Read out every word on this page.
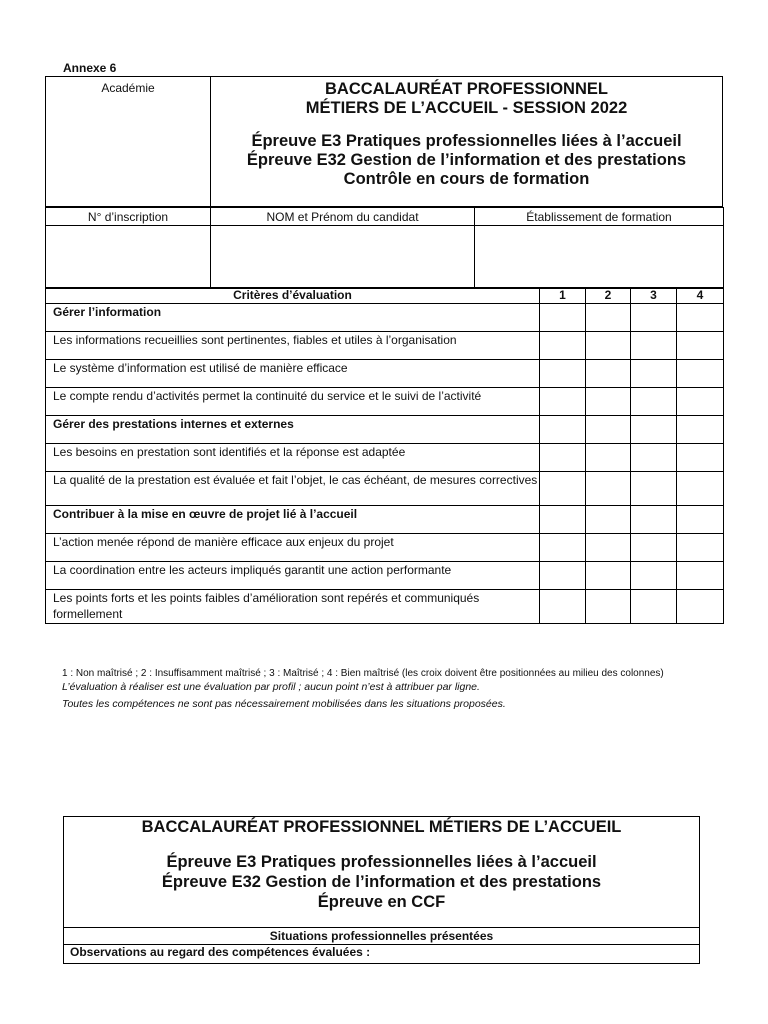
Annexe 6
Académie	BACCALAURÉAT PROFESSIONNEL
MÉTIERS DE L’ACCUEIL - SESSION 2022
Épreuve E3 Pratiques professionnelles liées à l’accueil
Épreuve E32 Gestion de l’information et des prestations
Contrôle en cours de formation
N° d’inscription	NOM et Prénom du candidat	Établissement de formation

Critères d’évaluation	1	2	3	4
Gérer l’information				
Les informations recueillies sont pertinentes, fiables et utiles à l’organisation				
Le système d’information est utilisé de manière efficace				
Le compte rendu d’activités permet la continuité du service et le suivi de l’activité				
Gérer des prestations internes et externes				
Les besoins en prestation sont identifiés et la réponse est adaptée				
La qualité de la prestation est évaluée et fait l’objet, le cas échéant, de mesures correctives				
Contribuer à la mise en œuvre de projet lié à l’accueil				
L’action menée répond de manière efficace aux enjeux du projet				
La coordination entre les acteurs impliqués garantit une action performante				
Les points forts et les points faibles d’amélioration sont repérés et communiqués formellement				
1 : Non maîtrisé ; 2 : Insuffisamment maîtrisé ; 3 : Maîtrisé ; 4 : Bien maîtrisé (les croix doivent être positionnées au milieu des colonnes)
L’évaluation à réaliser est une évaluation par profil ; aucun point n’est à attribuer par ligne.
Toutes les compétences ne sont pas nécessairement mobilisées dans les situations proposées.
BACCALAURÉAT PROFESSIONNEL MÉTIERS DE L’ACCUEIL
Épreuve E3 Pratiques professionnelles liées à l’accueil
Épreuve E32 Gestion de l’information et des prestations
Épreuve en CCF
Situations professionnelles présentées
Observations au regard des compétences évaluées :
